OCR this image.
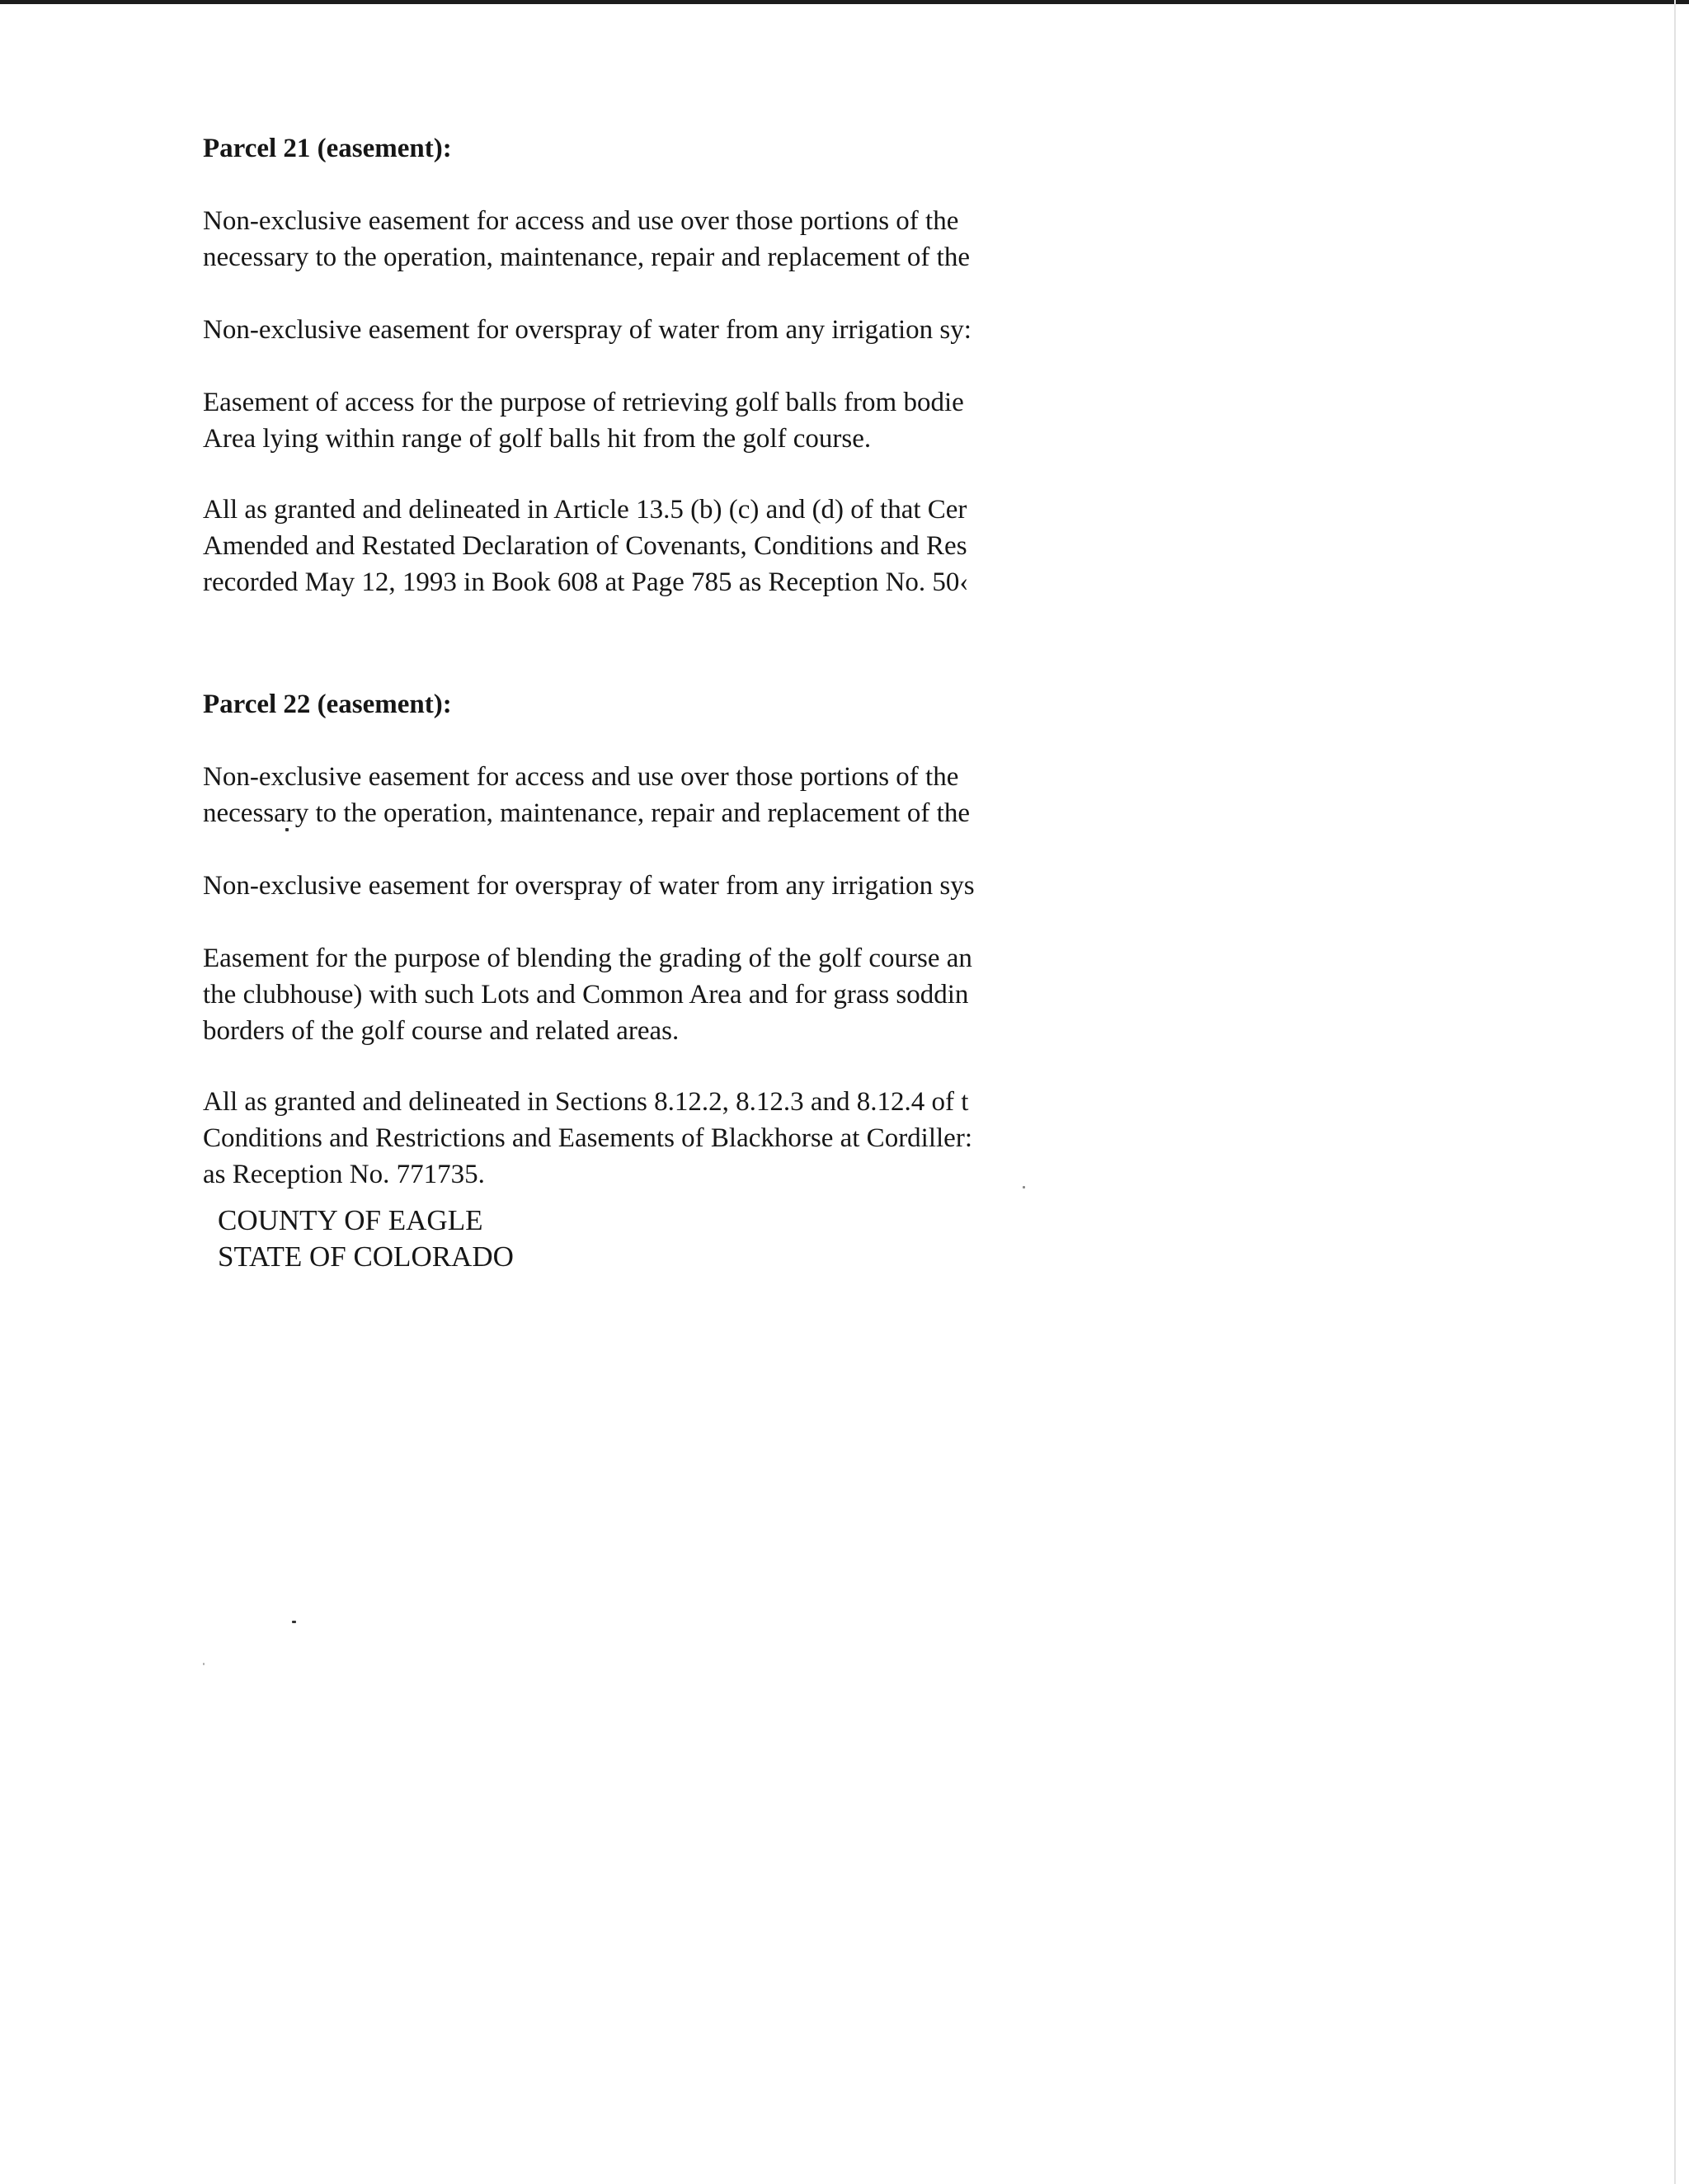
Parcel 21 (easement):
Non-exclusive easement for access and use over those portions of the
necessary to the operation, maintenance, repair and replacement of the
Non-exclusive easement for overspray of water from any irrigation sy:
Easement of access for the purpose of retrieving golf balls from bodie
Area lying within range of golf balls hit from the golf course.
All as granted and delineated in Article 13.5 (b) (c) and (d) of that Cer
Amended and Restated Declaration of Covenants, Conditions and Res
recorded May 12, 1993 in Book 608 at Page 785 as Reception No. 50‹
Parcel 22 (easement):
Non-exclusive easement for access and use over those portions of the
necessary to the operation, maintenance, repair and replacement of the
Non-exclusive easement for overspray of water from any irrigation sys
Easement for the purpose of blending the grading of the golf course an
the clubhouse) with such Lots and Common Area and for grass soddin
borders of the golf course and related areas.
All as granted and delineated in Sections 8.12.2, 8.12.3 and 8.12.4 of t
Conditions and Restrictions and Easements of Blackhorse at Cordiller:
as Reception No. 771735.
COUNTY OF EAGLE
STATE OF COLORADO
